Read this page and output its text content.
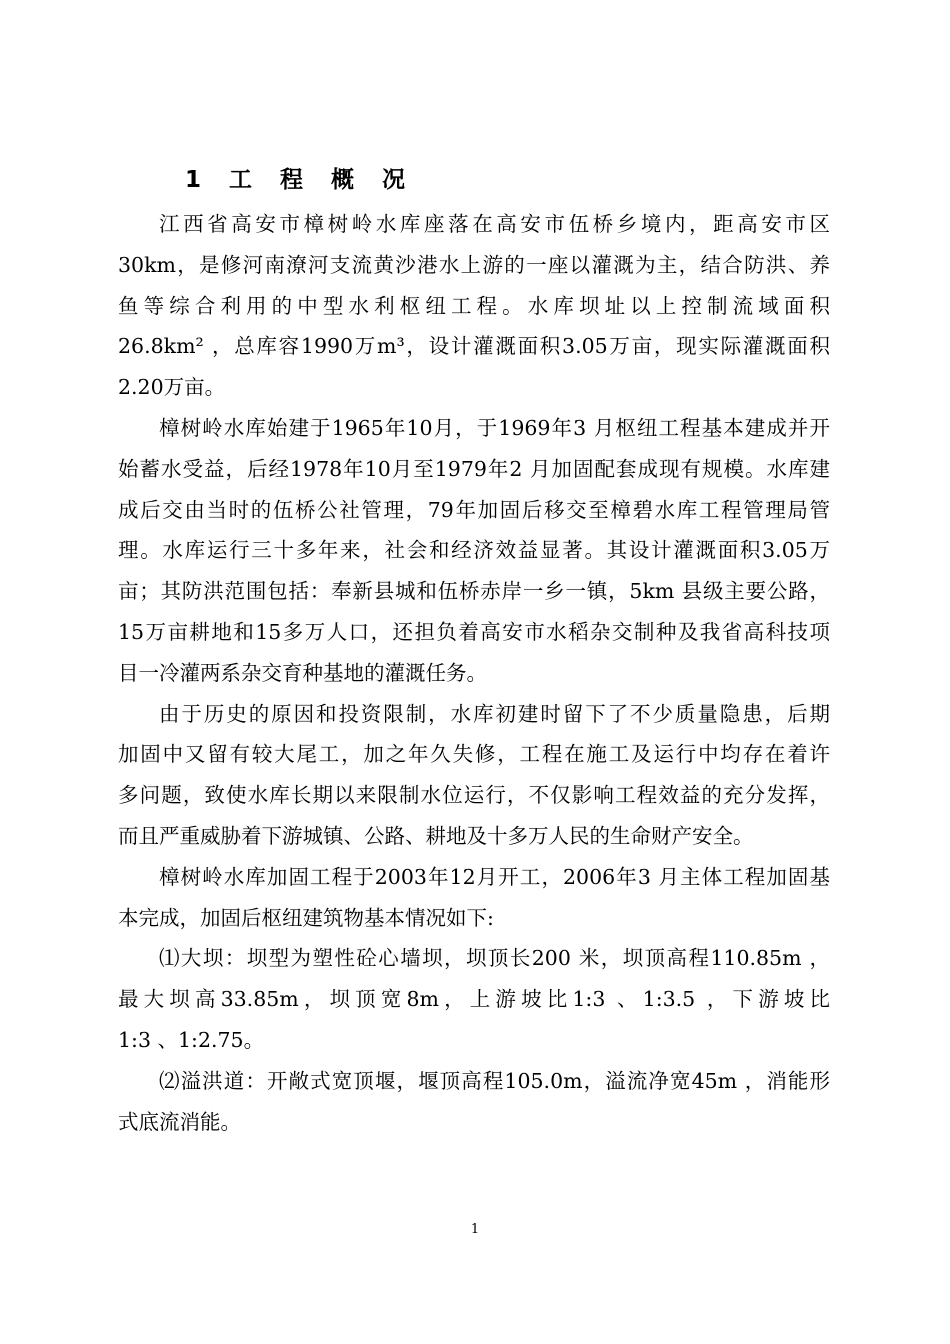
1 工 程 概 况
江西省高安市樟树岭水库座落在高安市伍桥乡境内，距高安市区
30km，是修河南潦河支流黄沙港水上游的一座以灌溉为主，结合防洪、养
鱼等综合利用的中型水利枢纽工程。水库坝址以上控制流域面积
26.8km² ，总库容1990万m³，设计灌溉面积3.05万亩，现实际灌溉面积
2.20万亩。
樟树岭水库始建于1965年10月，于1969年3 月枢纽工程基本建成并开
始蓄水受益，后经1978年10月至1979年2 月加固配套成现有规模。水库建
成后交由当时的伍桥公社管理，79年加固后移交至樟碧水库工程管理局管
理。水库运行三十多年来，社会和经济效益显著。其设计灌溉面积3.05万
亩；其防洪范围包括：奉新县城和伍桥赤岸一乡一镇，5km 县级主要公路，
15万亩耕地和15多万人口，还担负着高安市水稻杂交制种及我省高科技项
目一冷灌两系杂交育种基地的灌溉任务。
由于历史的原因和投资限制，水库初建时留下了不少质量隐患，后期
加固中又留有较大尾工，加之年久失修，工程在施工及运行中均存在着许
多问题，致使水库长期以来限制水位运行，不仅影响工程效益的充分发挥，
而且严重威胁着下游城镇、公路、耕地及十多万人民的生命财产安全。
樟树岭水库加固工程于2003年12月开工，2006年3 月主体工程加固基
本完成，加固后枢纽建筑物基本情况如下:
⑴大坝：坝型为塑性砼心墙坝，坝顶长200 米，坝顶高程110.85m ，
最大坝高33.85m，坝顶宽8m，上游坡比1:3 、1:3.5 ，下游坡比
1:3 、1:2.75。
⑵溢洪道：开敞式宽顶堰，堰顶高程105.0m，溢流净宽45m ，消能形
式底流消能。
1
